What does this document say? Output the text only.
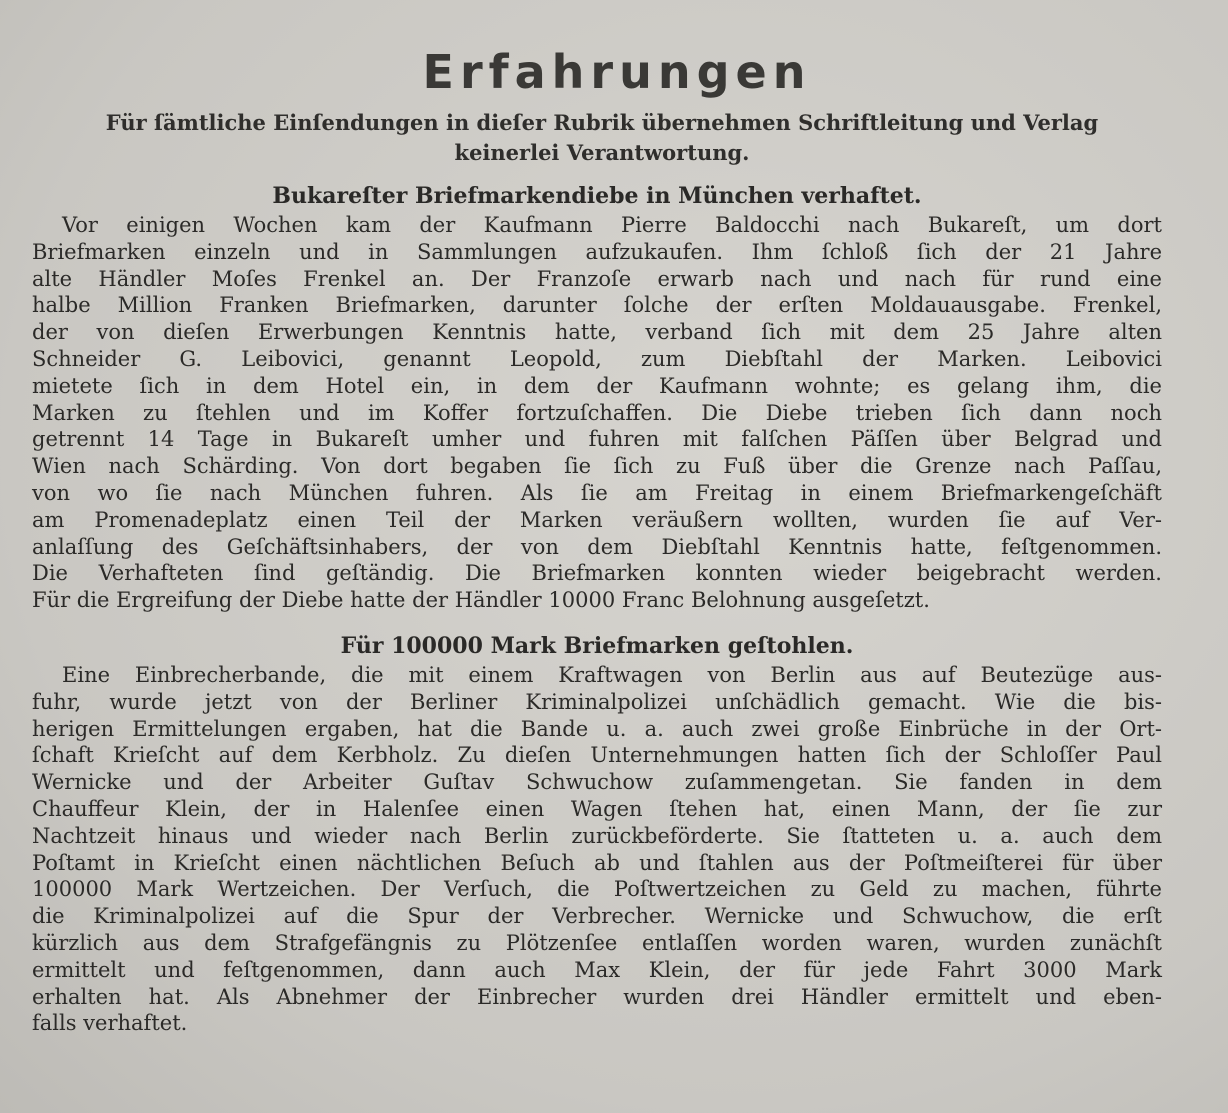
Erfahrungen

Für ſämtliche Einſendungen in dieſer Rubrik übernehmen Schriftleitung und Verlag

keinerlei Verantwortung.

Bukareſter Briefmarkendiebe in München verhaftet.
Vor einigen Wochen kam der Kaufmann Pierre Baldocchi nach Bukareſt, um dort
Briefmarken einzeln und in Sammlungen aufzukaufen. Ihm ſchloß ſich der 21 Jahre
alte Händler Moſes Frenkel an. Der Franzoſe erwarb nach und nach für rund eine
halbe Million Franken Briefmarken, darunter ſolche der erſten Moldauausgabe. Frenkel,
der von dieſen Erwerbungen Kenntnis hatte, verband ſich mit dem 25 Jahre alten
Schneider G. Leibovici, genannt Leopold, zum Diebſtahl der Marken. Leibovici
mietete ſich in dem Hotel ein, in dem der Kaufmann wohnte; es gelang ihm, die
Marken zu ſtehlen und im Koffer fortzuſchaffen. Die Diebe trieben ſich dann noch
getrennt 14 Tage in Bukareſt umher und fuhren mit falſchen Päſſen über Belgrad und
Wien nach Schärding. Von dort begaben ſie ſich zu Fuß über die Grenze nach Paſſau,
von wo ſie nach München fuhren. Als ſie am Freitag in einem Briefmarkengeſchäft
am Promenadeplatz einen Teil der Marken veräußern wollten, wurden ſie auf Ver-
anlaſſung des Geſchäftsinhabers, der von dem Diebſtahl Kenntnis hatte, feſtgenommen.
Die Verhafteten ſind geſtändig. Die Briefmarken konnten wieder beigebracht werden.
Für die Ergreifung der Diebe hatte der Händler 10000 Franc Belohnung ausgeſetzt.
Für 100000 Mark Briefmarken geſtohlen.
Eine Einbrecherbande, die mit einem Kraftwagen von Berlin aus auf Beutezüge aus-
fuhr, wurde jetzt von der Berliner Kriminalpolizei unſchädlich gemacht. Wie die bis-
herigen Ermittelungen ergaben, hat die Bande u. a. auch zwei große Einbrüche in der Ort-
ſchaft Krieſcht auf dem Kerbholz. Zu dieſen Unternehmungen hatten ſich der Schloſſer Paul
Wernicke und der Arbeiter Guſtav Schwuchow zuſammengetan. Sie fanden in dem
Chauffeur Klein, der in Halenſee einen Wagen ſtehen hat, einen Mann, der ſie zur
Nachtzeit hinaus und wieder nach Berlin zurückbeförderte. Sie ſtatteten u. a. auch dem
Poſtamt in Krieſcht einen nächtlichen Beſuch ab und ſtahlen aus der Poſtmeiſterei für über
100000 Mark Wertzeichen. Der Verſuch, die Poſtwertzeichen zu Geld zu machen, führte
die Kriminalpolizei auf die Spur der Verbrecher. Wernicke und Schwuchow, die erſt
kürzlich aus dem Strafgefängnis zu Plötzenſee entlaſſen worden waren, wurden zunächſt
ermittelt und feſtgenommen, dann auch Max Klein, der für jede Fahrt 3000 Mark
erhalten hat. Als Abnehmer der Einbrecher wurden drei Händler ermittelt und eben-
falls verhaftet.
